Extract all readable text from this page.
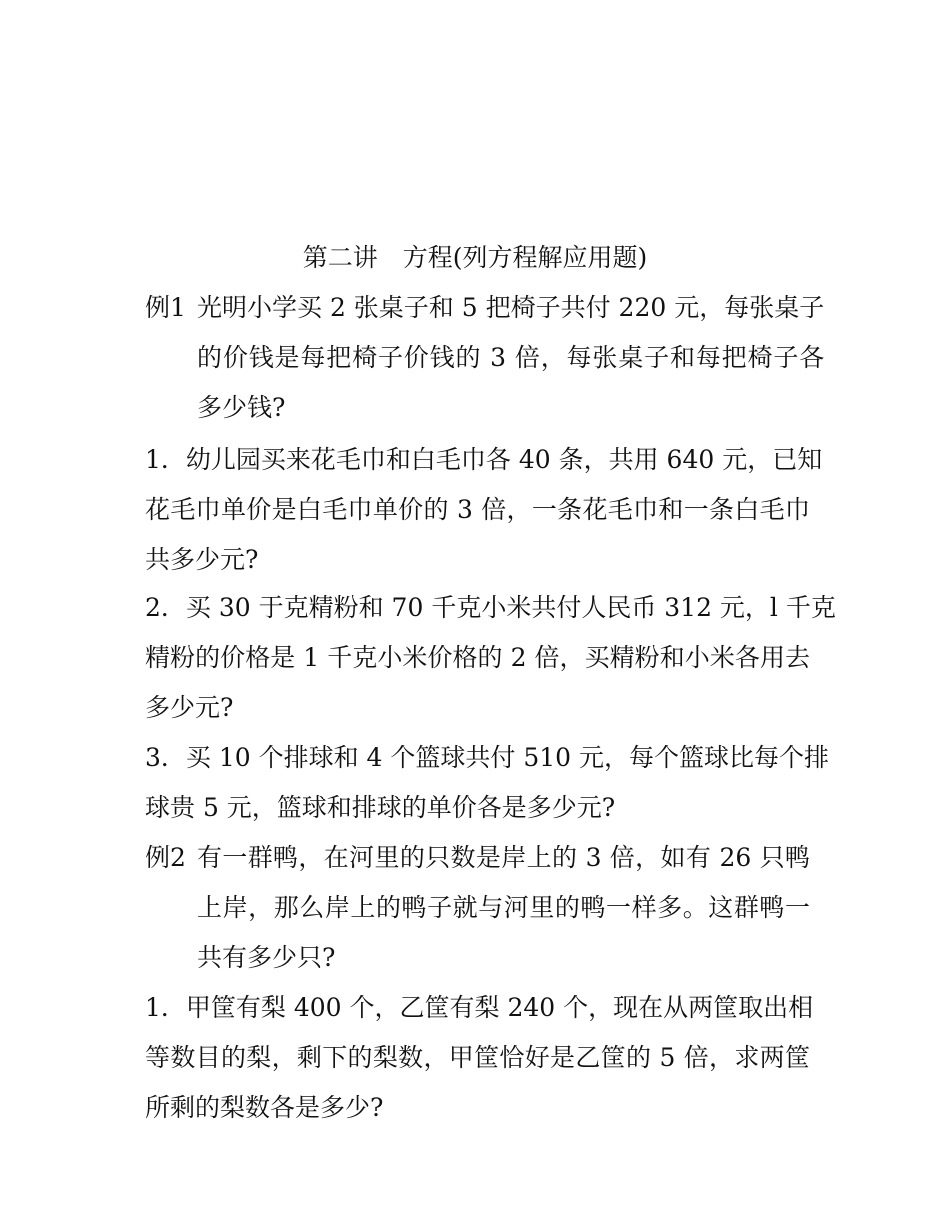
第二讲　方程(列方程解应用题)
例1 光明小学买 2 张桌子和 5 把椅子共付 220 元，每张桌子
的价钱是每把椅子价钱的 3 倍，每张桌子和每把椅子各
多少钱?
1．幼儿园买来花毛巾和白毛巾各 40 条，共用 640 元，已知
花毛巾单价是白毛巾单价的 3 倍，一条花毛巾和一条白毛巾
共多少元?
2．买 30 于克精粉和 70 千克小米共付人民币 312 元，l 千克
精粉的价格是 1 千克小米价格的 2 倍，买精粉和小米各用去
多少元?
3．买 10 个排球和 4 个篮球共付 510 元，每个篮球比每个排
球贵 5 元，篮球和排球的单价各是多少元?
例2 有一群鸭，在河里的只数是岸上的 3 倍，如有 26 只鸭
上岸，那么岸上的鸭子就与河里的鸭一样多。这群鸭一
共有多少只?
1．甲筐有梨 400 个，乙筐有梨 240 个，现在从两筐取出相
等数目的梨，剩下的梨数，甲筐恰好是乙筐的 5 倍，求两筐
所剩的梨数各是多少?
